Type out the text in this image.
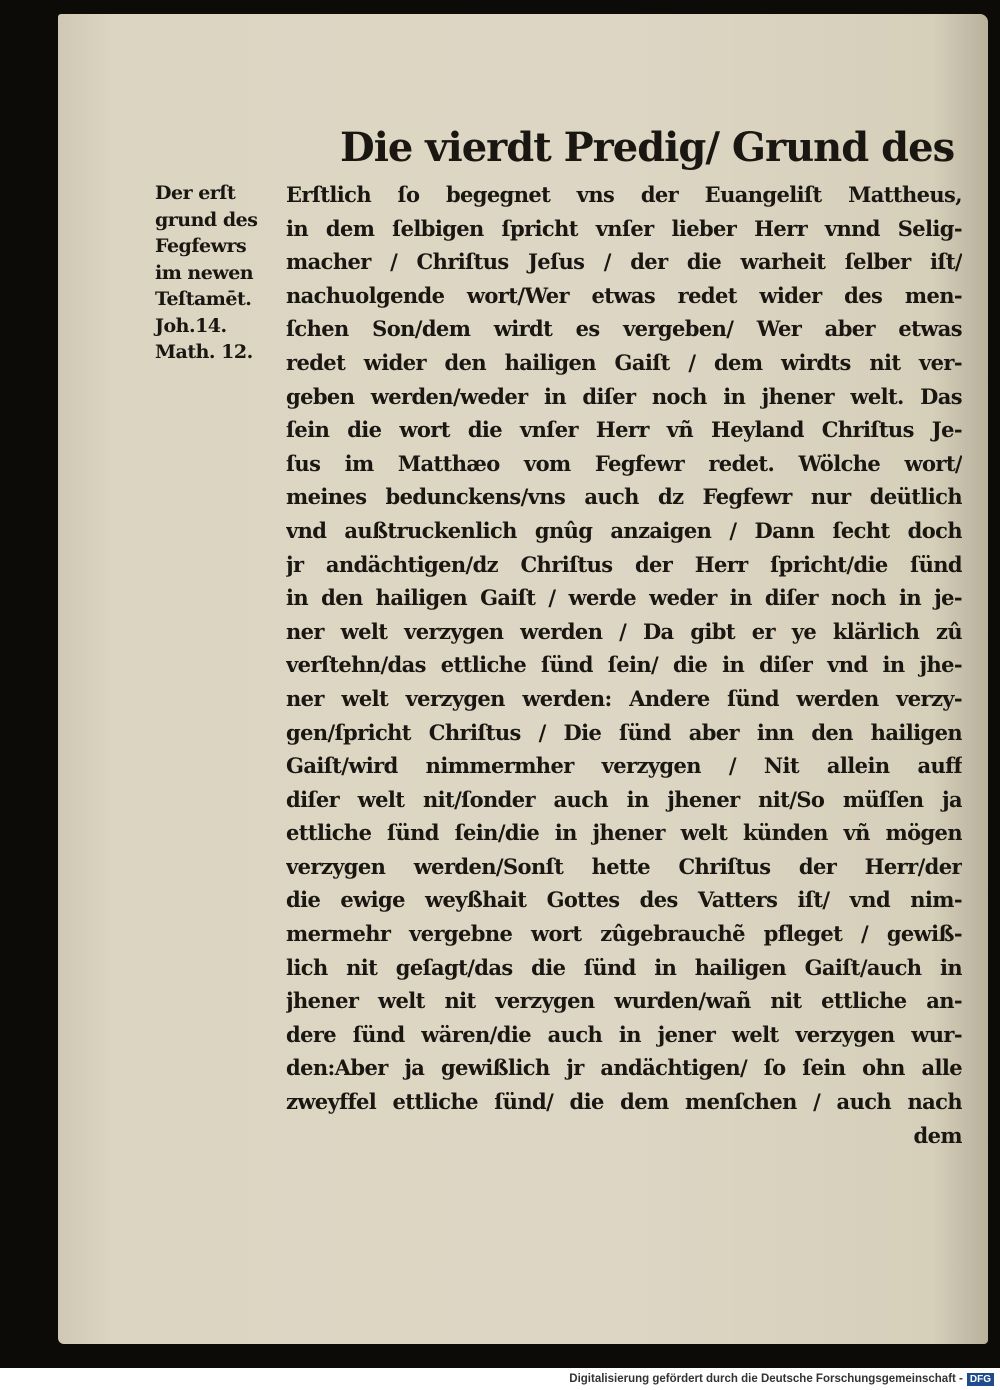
Die vierdt Predig/ Grund des
Der erſt
grund des
Fegfewrs
im newen
Teſtamēt.
Joh.14.
Math. 12.
Erſtlich ſo begegnet vns der Euangeliſt Mattheus,
in dem ſelbigen ſpricht vnſer lieber Herr vnnd Selig-
macher / Chriſtus Jeſus / der die warheit ſelber iſt/
nachuolgende wort/Wer etwas redet wider des men-
ſchen Son/dem wirdt es vergeben/ Wer aber etwas
redet wider den hailigen Gaiſt / dem wirdts nit ver-
geben werden/weder in diſer noch in jhener welt. Das
ſein die wort die vnſer Herr vñ Heyland Chriſtus Je-
ſus im Matthæo vom Fegfewr redet. Wölche wort/
meines bedunckens/vns auch dz Fegfewr nur deütlich
vnd außtruckenlich gnûg anzaigen / Dann ſecht doch
jr andächtigen/dz Chriſtus der Herr ſpricht/die ſünd
in den hailigen Gaiſt / werde weder in diſer noch in je-
ner welt verzygen werden / Da gibt er ye klärlich zû
verſtehn/das ettliche ſünd ſein/ die in diſer vnd in jhe-
ner welt verzygen werden: Andere ſünd werden verzy-
gen/ſpricht Chriſtus / Die ſünd aber inn den hailigen
Gaiſt/wird nimmermher verzygen / Nit allein auff
diſer welt nit/ſonder auch in jhener nit/So müſſen ja
ettliche ſünd ſein/die in jhener welt künden vñ mögen
verzygen werden/Sonſt hette Chriſtus der Herr/der
die ewige weyßhait Gottes des Vatters iſt/ vnd nim-
mermehr vergebne wort zûgebrauchẽ pfleget / gewiß-
lich nit geſagt/das die ſünd in hailigen Gaiſt/auch in
jhener welt nit verzygen wurden/wañ nit ettliche an-
dere ſünd wären/die auch in jener welt verzygen wur-
den:Aber ja gewißlich jr andächtigen/ ſo ſein ohn alle
zweyffel ettliche ſünd/ die dem menſchen / auch nach
dem
Digitalisierung gefördert durch die Deutsche Forschungsgemeinschaft - DFG
